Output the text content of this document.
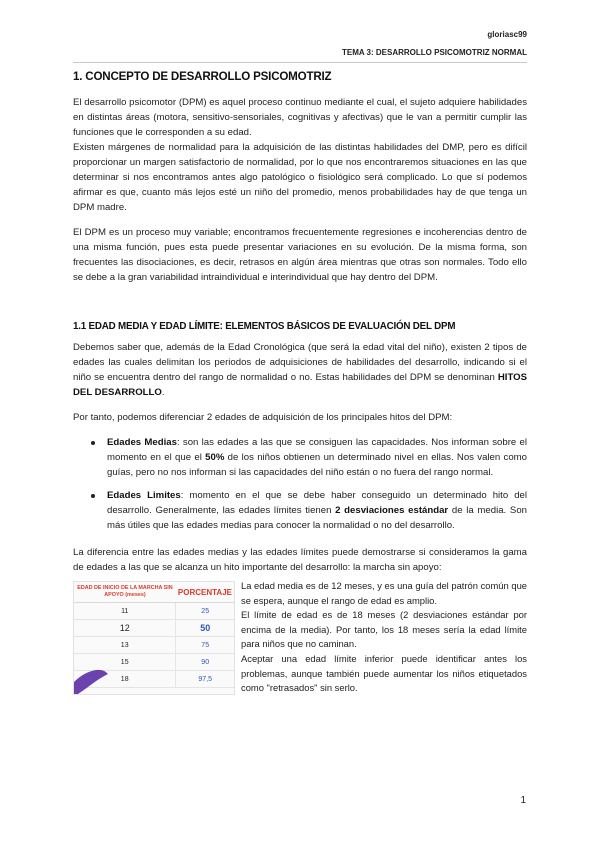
gloriasc99
TEMA 3: DESARROLLO PSICOMOTRIZ NORMAL
1. CONCEPTO DE DESARROLLO PSICOMOTRIZ

El desarrollo psicomotor (DPM) es aquel proceso continuo mediante el cual, el sujeto adquiere habilidades en distintas áreas (motora, sensitivo-sensoriales, cognitivas y afectivas) que le van a permitir cumplir las funciones que le corresponden a su edad.

Existen márgenes de normalidad para la adquisición de las distintas habilidades del DMP, pero es difícil proporcionar un margen satisfactorio de normalidad, por lo que nos encontraremos situaciones en las que determinar si nos encontramos antes algo patológico o fisiológico será complicado. Lo que sí podemos afirmar es que, cuanto más lejos esté un niño del promedio, menos probabilidades hay de que tenga un DPM madre.

El DPM es un proceso muy variable; encontramos frecuentemente regresiones e incoherencias dentro de una misma función, pues esta puede presentar variaciones en su evolución. De la misma forma, son frecuentes las disociaciones, es decir, retrasos en algún área mientras que otras son normales. Todo ello se debe a la gran variabilidad intraindividual e interindividual que hay dentro del DPM.

1.1 EDAD MEDIA Y EDAD LÍMITE: ELEMENTOS BÁSICOS DE EVALUACIÓN DEL DPM

Debemos saber que, además de la Edad Cronológica (que será la edad vital del niño), existen 2 tipos de edades las cuales delimitan los periodos de adquisiciones de habilidades del desarrollo, indicando si el niño se encuentra dentro del rango de normalidad o no. Estas habilidades del DPM se denominan HITOS DEL DESARROLLO.

Por tanto, podemos diferenciar 2 edades de adquisición de los principales hitos del DPM:

Edades Medias: son las edades a las que se consiguen las capacidades. Nos informan sobre el momento en el que el 50% de los niños obtienen un determinado nivel en ellas. Nos valen como guías, pero no nos informan si las capacidades del niño están o no fuera del rango normal.
Edades Limites: momento en el que se debe haber conseguido un determinado hito del desarrollo. Generalmente, las edades límites tienen 2 desviaciones estándar de la media. Son más útiles que las edades medias para conocer la normalidad o no del desarrollo.

La diferencia entre las edades medias y las edades límites puede demostrarse si consideramos la gama de edades a las que se alcanza un hito importante del desarrollo: la marcha sin apoyo:

EDAD DE INICIO DE LA MARCHA SIN APOYO (meses)	PORCENTAJE
11	25
12	50
13	75
15	90
18	97,5

La edad media es de 12 meses, y es una guía del patrón común que se espera, aunque el rango de edad es amplio.

El límite de edad es de 18 meses (2 desviaciones estándar por encima de la media). Por tanto, los 18 meses sería la edad límite para niños que no caminan.

Aceptar una edad límite inferior puede identificar antes los problemas, aunque también puede aumentar los niños etiquetados como "retrasados" sin serlo.

1
